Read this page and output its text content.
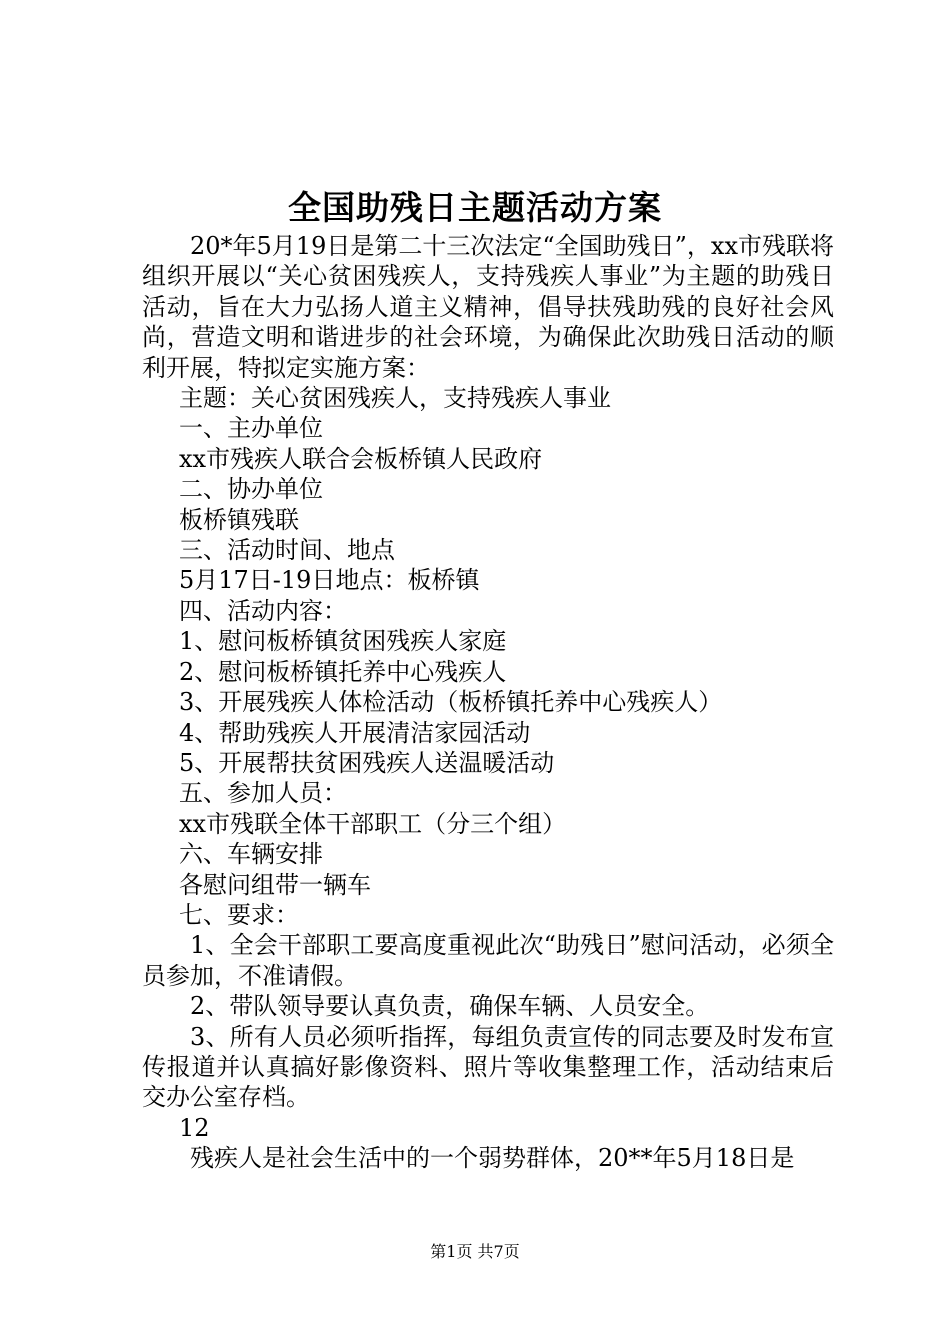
全国助残日主题活动方案

20*年5月19日是第二十三次法定“全国助残日”，xx市残联将组织开展以“关心贫困残疾人，支持残疾人事业”为主题的助残日活动，旨在大力弘扬人道主义精神，倡导扶残助残的良好社会风尚，营造文明和谐进步的社会环境，为确保此次助残日活动的顺利开展，特拟定实施方案：

主题：关心贫困残疾人，支持残疾人事业

一、主办单位

xx市残疾人联合会板桥镇人民政府

二、协办单位

板桥镇残联

三、活动时间、地点

5月17日-19日地点：板桥镇

四、活动内容：

1、慰问板桥镇贫困残疾人家庭

2、慰问板桥镇托养中心残疾人

3、开展残疾人体检活动（板桥镇托养中心残疾人）

4、帮助残疾人开展清洁家园活动

5、开展帮扶贫困残疾人送温暖活动

五、参加人员：

xx市残联全体干部职工（分三个组）

六、车辆安排

各慰问组带一辆车

七、要求：

1、全会干部职工要高度重视此次“助残日”慰问活动，必须全员参加，不准请假。

2、带队领导要认真负责，确保车辆、人员安全。

3、所有人员必须听指挥，每组负责宣传的同志要及时发布宣传报道并认真搞好影像资料、照片等收集整理工作，活动结束后交办公室存档。

12

残疾人是社会生活中的一个弱势群体，20**年5月18日是

第1页 共7页
